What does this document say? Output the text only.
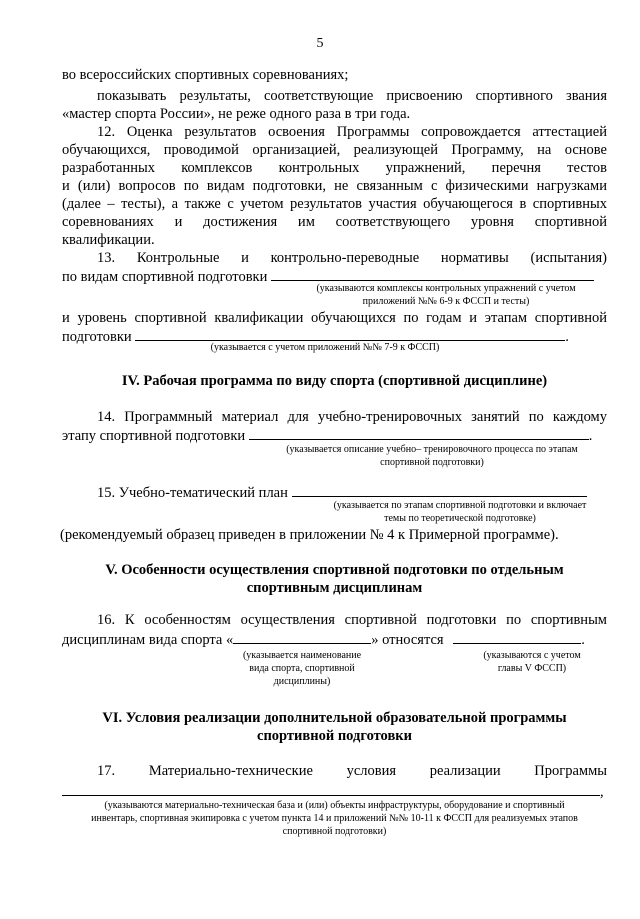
5
во всероссийских спортивных соревнованиях;
показывать результаты, соответствующие присвоению спортивного звания
«мастер спорта России», не реже одного раза в три года.
12. Оценка результатов освоения Программы сопровождается аттестацией
обучающихся, проводимой организацией, реализующей Программу, на основе
разработанных комплексов контрольных упражнений, перечня тестов
и (или) вопросов по видам подготовки, не связанным с физическими нагрузками
(далее – тесты), а также с учетом результатов участия обучающегося в спортивных
соревнованиях и достижения им соответствующего уровня спортивной
квалификации.
13. Контрольные и контрольно-переводные нормативы (испытания)
по видам спортивной подготовки
(указываются комплексы контрольных упражнений с учетом
приложений №№ 6-9 к ФССП и тесты)
и уровень спортивной квалификации обучающихся по годам и этапам спортивной
подготовки	.
(указывается с учетом приложений №№ 7-9 к ФССП)
IV. Рабочая программа по виду спорта (спортивной дисциплине)
14. Программный материал для учебно-тренировочных занятий по каждому
этапу спортивной подготовки	.
(указывается описание учебно– тренировочного процесса по этапам
спортивной подготовки)
15. Учебно-тематический план
(указывается по этапам спортивной подготовки и включает
темы по теоретической подготовке)
(рекомендуемый образец приведен в приложении № 4 к Примерной программе).
V. Особенности осуществления спортивной подготовки по отдельным
спортивным дисциплинам
16. К особенностям осуществления спортивной подготовки по спортивным
дисциплинам вида спорта «	» относятся	.
(указывается наименование
вида спорта, спортивной
дисциплины)
(указываются с учетом
главы V ФССП)
VI. Условия реализации дополнительной образовательной программы
спортивной подготовки
17. Материально-технические условия реализации Программы
,
(указываются материально-техническая база и (или) объекты инфраструктуры, оборудование и спортивный
инвентарь, спортивная экипировка с учетом пункта 14 и приложений №№ 10-11 к ФССП для реализуемых этапов
спортивной подготовки)
